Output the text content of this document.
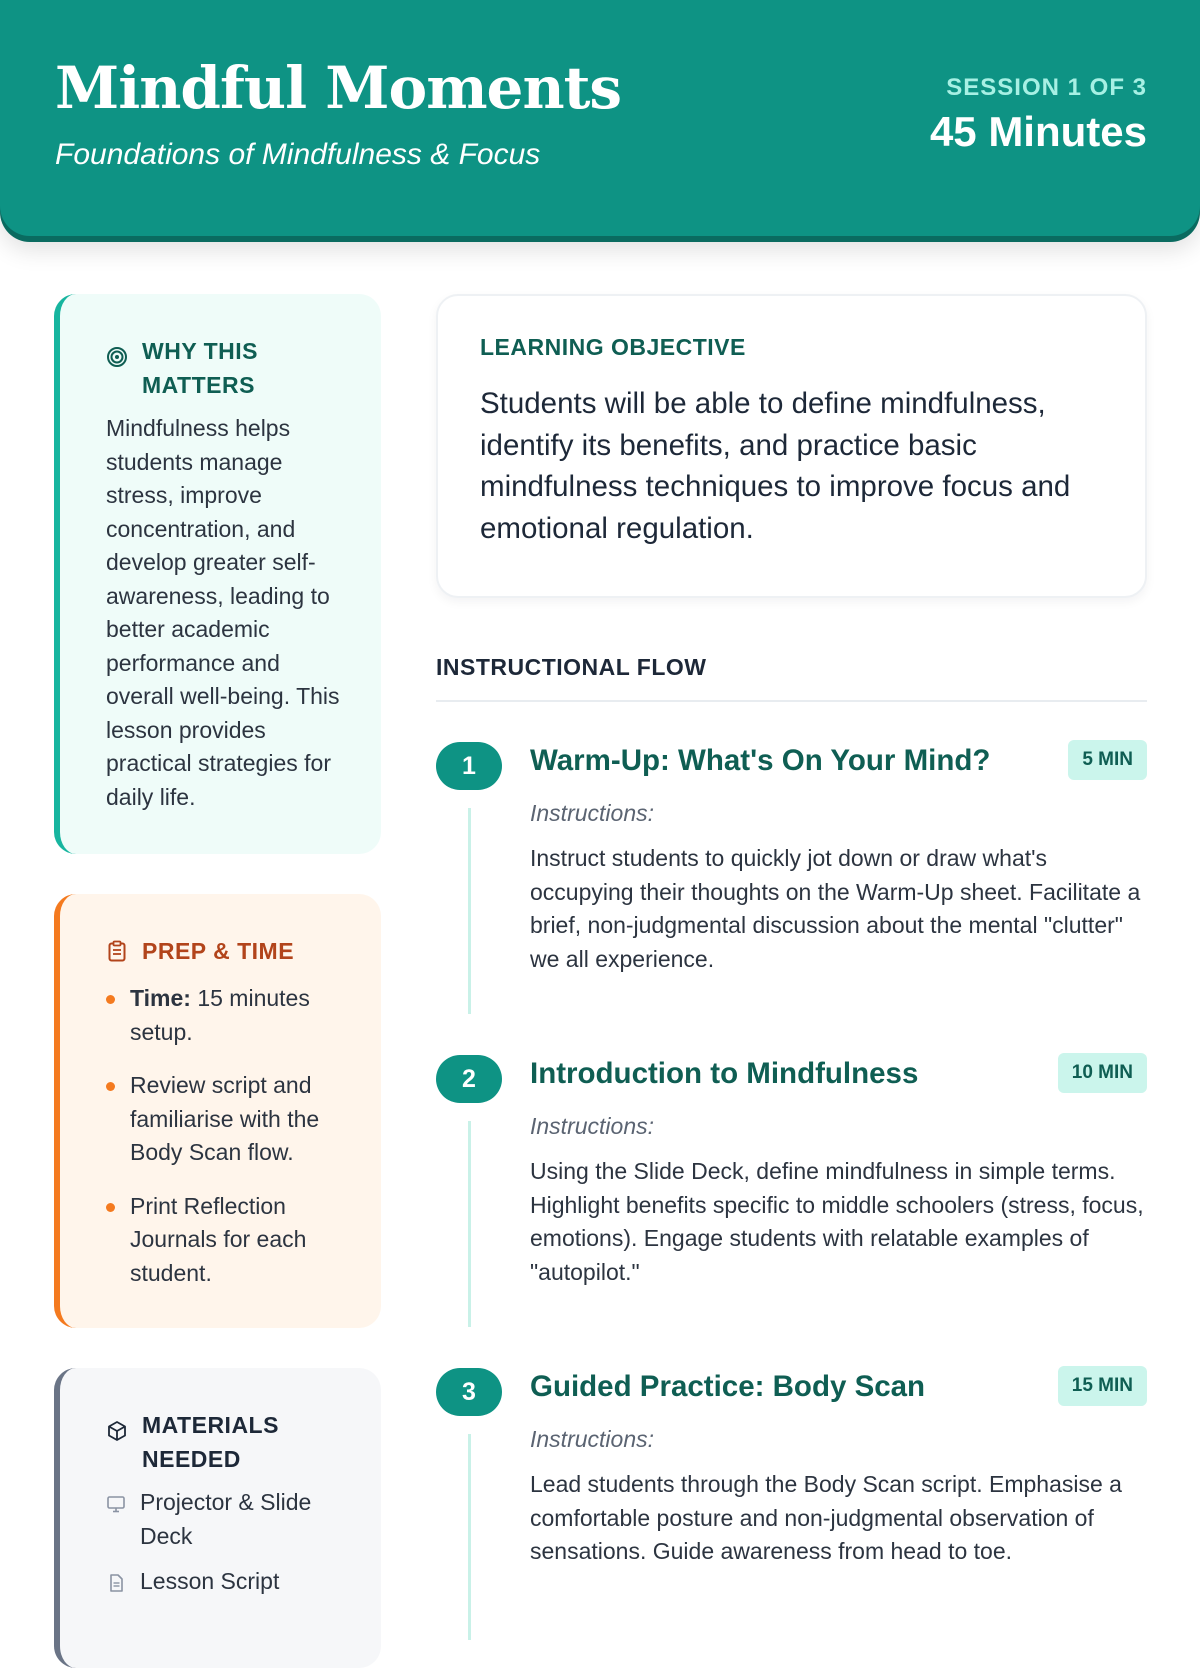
Mindful Moments

Foundations of Mindfulness & Focus

SESSION 1 OF 3

45 Minutes

WHY THIS MATTERS

Mindfulness helps students manage stress, improve concentration, and develop greater self-awareness, leading to better academic performance and overall well-being. This lesson provides practical strategies for daily life.

PREP & TIME
Time: 15 minutes setup.
Review script and familiarise with the Body Scan flow.
Print Reflection Journals for each student.
MATERIALS NEEDED
Projector & Slide Deck
Lesson Script
LEARNING OBJECTIVE

Students will be able to define mindfulness, identify its benefits, and practice basic mindfulness techniques to improve focus and emotional regulation.

INSTRUCTIONAL FLOW
1	Warm-Up: What's On Your Mind?	5 MIN

Instructions:

Instruct students to quickly jot down or draw what's occupying their thoughts on the Warm-Up sheet. Facilitate a brief, non-judgmental discussion about the mental "clutter" we all experience.

2	Introduction to Mindfulness	10 MIN

Instructions:

Using the Slide Deck, define mindfulness in simple terms. Highlight benefits specific to middle schoolers (stress, focus, emotions). Engage students with relatable examples of "autopilot."

3	Guided Practice: Body Scan	15 MIN

Instructions:

Lead students through the Body Scan script. Emphasise a comfortable posture and non-judgmental observation of sensations. Guide awareness from head to toe.
